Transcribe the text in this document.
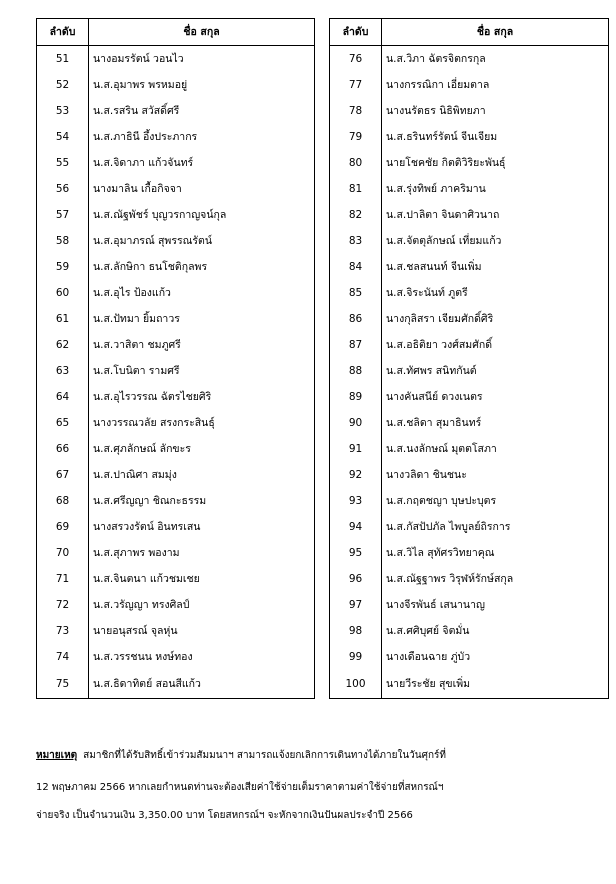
ลำดับ	ชื่อ สกุล
51	นางอมรรัตน์ วอนไว
52	น.ส.อุมาพร พรหมอยู่
53	น.ส.รสริน สวัสดิ์ศรี
54	น.ส.ภาธินี อึ้งประภากร
55	น.ส.จิดาภา แก้วจันทร์
56	นางมาลิน เกื้อกิจจา
57	น.ส.ณัฐพัชร์ บุญวรกาญจน์กุล
58	น.ส.อุมาภรณ์ สุพรรณรัตน์
59	น.ส.ลักษิกา ธนโชติกุลพร
60	น.ส.อุไร ป้องแก้ว
61	น.ส.ปัทมา ยิ้มถาวร
62	น.ส.วาสิตา ชมภูศรี
63	น.ส.โบนิตา รามศรี
64	น.ส.อุไรวรรณ ฉัตรไชยศิริ
65	นางวรรณวลัย สรงกระสินธุ์
66	น.ส.ศุภลักษณ์ ลักขะร
67	น.ส.ปาณิศา สมมุ่ง
68	น.ส.ศรีญญา ชิณกะธรรม
69	นางสรวงรัตน์ อินทรเสน
70	น.ส.สุภาพร พองาม
71	น.ส.จินตนา แก้วชมเชย
72	น.ส.วรัญญา ทรงศิลป์
73	นายอนุสรณ์ จุลหุ่น
74	น.ส.วรรชนน หงษ์ทอง
75	น.ส.ธิดาทิตย์ สอนสีแก้ว
ลำดับ	ชื่อ สกุล
76	น.ส.วิภา ฉัตรจิตกรกุล
77	นางกรรณิกา เอี่ยมตาล
78	นางนรัตธร นิธิพิทยภา
79	น.ส.ธรินทร์รัตน์ จีนเจียม
80	นายโชคชัย กิตติวิริยะพันธุ์
81	น.ส.รุ่งทิพย์ ภาคริมาน
82	น.ส.ปาลิตา จินดาศิวนาถ
83	น.ส.จัตตุลักษณ์ เที่ยมแก้ว
84	น.ส.ชลสนนท์ จีนเพิ่ม
85	น.ส.จิระนันท์ ภูตรี
86	นางกุลิสรา เจียมศักดิ์ศิริ
87	น.ส.อธิติยา วงศ์สมศักดิ์
88	น.ส.ทัศพร สนิทกันต์
89	นางคันสนีย์ ดวงเนตร
90	น.ส.ชลิดา สุมาธินทร์
91	น.ส.นงลักษณ์ มุตตโสภา
92	นางวลิดา ชินชนะ
93	น.ส.กฤตชญา บุษปะบุตร
94	น.ส.กัสปัปภัล ไพบูลย์ถิรการ
95	น.ส.วิไล สุทัศรวิทยาคุณ
96	น.ส.ณัฐฐาพร วิรุฬห์รักษ์สกุล
97	นางจีรพันธ์ เสนานาญ
98	น.ส.ศศิบุศย์ จิตมั่น
99	นางเดือนฉาย ภู่บัว
100	นายวีระชัย สุขเพิ่ม
หมายเหตุ สมาชิกที่ได้รับสิทธิ์เข้าร่วมสัมมนาฯ สามารถแจ้งยกเลิกการเดินทางได้ภายในวันศุกร์ที่
12 พฤษภาคม 2566 หากเลยกำหนดท่านจะต้องเสียค่าใช้จ่ายเต็มราคาตามค่าใช้จ่ายที่สหกรณ์ฯ
จ่ายจริง เป็นจำนวนเงิน 3,350.00 บาท โดยสหกรณ์ฯ จะหักจากเงินปันผลประจำปี 2566
